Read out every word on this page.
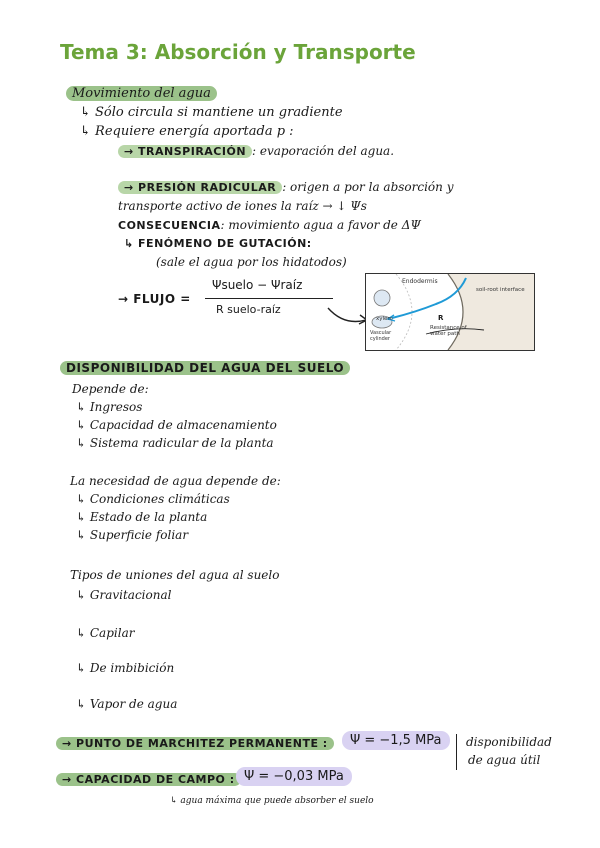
Tema 3: Absorción y Transporte
Movimiento del agua
↳ Sólo circula si mantiene un gradiente
↳ Requiere energía aportada p :
→ TRANSPIRACIÓN : evaporación del agua.
→ PRESIÓN RADICULAR : origen a por la absorción y
transporte activo de iones la raíz → ↓ Ψs
CONSECUENCIA: movimiento agua a favor de ΔΨ
↳ FENÓMENO DE GUTACIÓN:
(sale el agua por los hidatodos)
→ FLUJO =
Ψsuelo − Ψraíz
R suelo-raíz
Endodermis
soil-root interface
xylem
Vascular cylinder
R
Resistance of water path
DISPONIBILIDAD DEL AGUA DEL SUELO
Depende de:
↳ Ingresos
↳ Capacidad de almacenamiento
↳ Sistema radicular de la planta
La necesidad de agua depende de:
↳ Condiciones climáticas
↳ Estado de la planta
↳ Superficie foliar
Tipos de uniones del agua al suelo
↳ Gravitacional
↳ Capilar
↳ De imbibición
↳ Vapor de agua
→ PUNTO DE MARCHITEZ PERMANENTE :	Ψ = −1,5 MPa	disponibilidad
de agua útil
→ CAPACIDAD DE CAMPO : Ψ = −0,03 MPa
↳ agua máxima que puede absorber el suelo
